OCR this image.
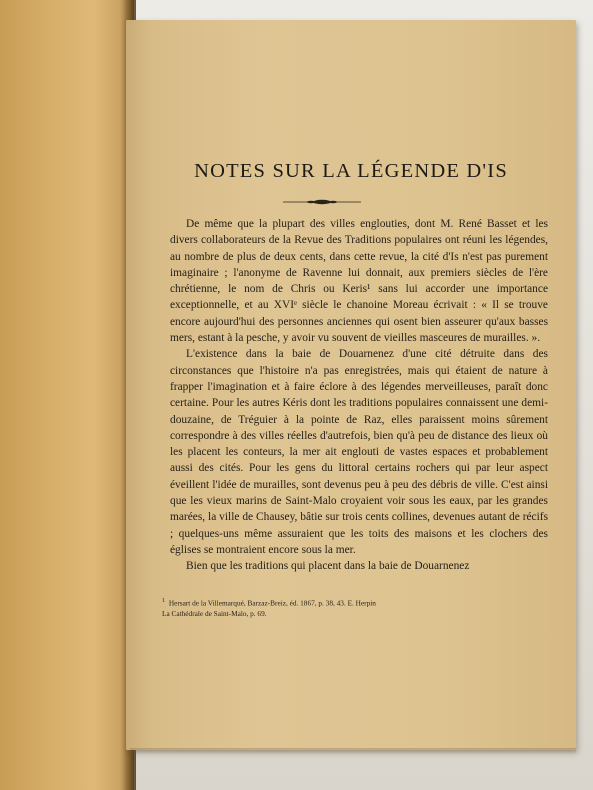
NOTES SUR LA LÉGENDE D'IS

De même que la plupart des villes englouties, dont M. René Basset et les divers collaborateurs de la Revue des Traditions populaires ont réuni les légendes, au nombre de plus de deux cents, dans cette revue, la cité d'Is n'est pas purement imaginaire ; l'anonyme de Ravenne lui donnait, aux premiers siècles de l'ère chrétienne, le nom de Chris ou Keris¹ sans lui accorder une importance exceptionnelle, et au XVIᵉ siècle le chanoine Moreau écrivait : « Il se trouve encore aujourd'hui des personnes anciennes qui osent bien asseurer qu'aux basses mers, estant à la pesche, y avoir vu souvent de vieilles masceures de murailles. ».

L'existence dans la baie de Douarnenez d'une cité détruite dans des circonstances que l'histoire n'a pas enregistrées, mais qui étaient de nature à frapper l'imagination et à faire éclore à des légendes merveilleuses, paraît donc certaine. Pour les autres Kéris dont les traditions populaires connaissent une demi-douzaine, de Tréguier à la pointe de Raz, elles paraissent moins sûrement correspondre à des villes réelles d'autrefois, bien qu'à peu de distance des lieux où les placent les conteurs, la mer ait englouti de vastes espaces et probablement aussi des cités. Pour les gens du littoral certains rochers qui par leur aspect éveillent l'idée de murailles, sont devenus peu à peu des débris de ville. C'est ainsi que les vieux marins de Saint-Malo croyaient voir sous les eaux, par les grandes marées, la ville de Chausey, bâtie sur trois cents collines, devenues autant de récifs ; quelques-uns même assuraient que les toits des maisons et les clochers des églises se montraient encore sous la mer.

Bien que les traditions qui placent dans la baie de Douarnenez

$^1$ Hersart de la Villemarqué, Barzaz-Breiz, éd. 1867, p. 38, 43. E. Herpin
La Cathédrale de Saint-Malo, p. 69.
